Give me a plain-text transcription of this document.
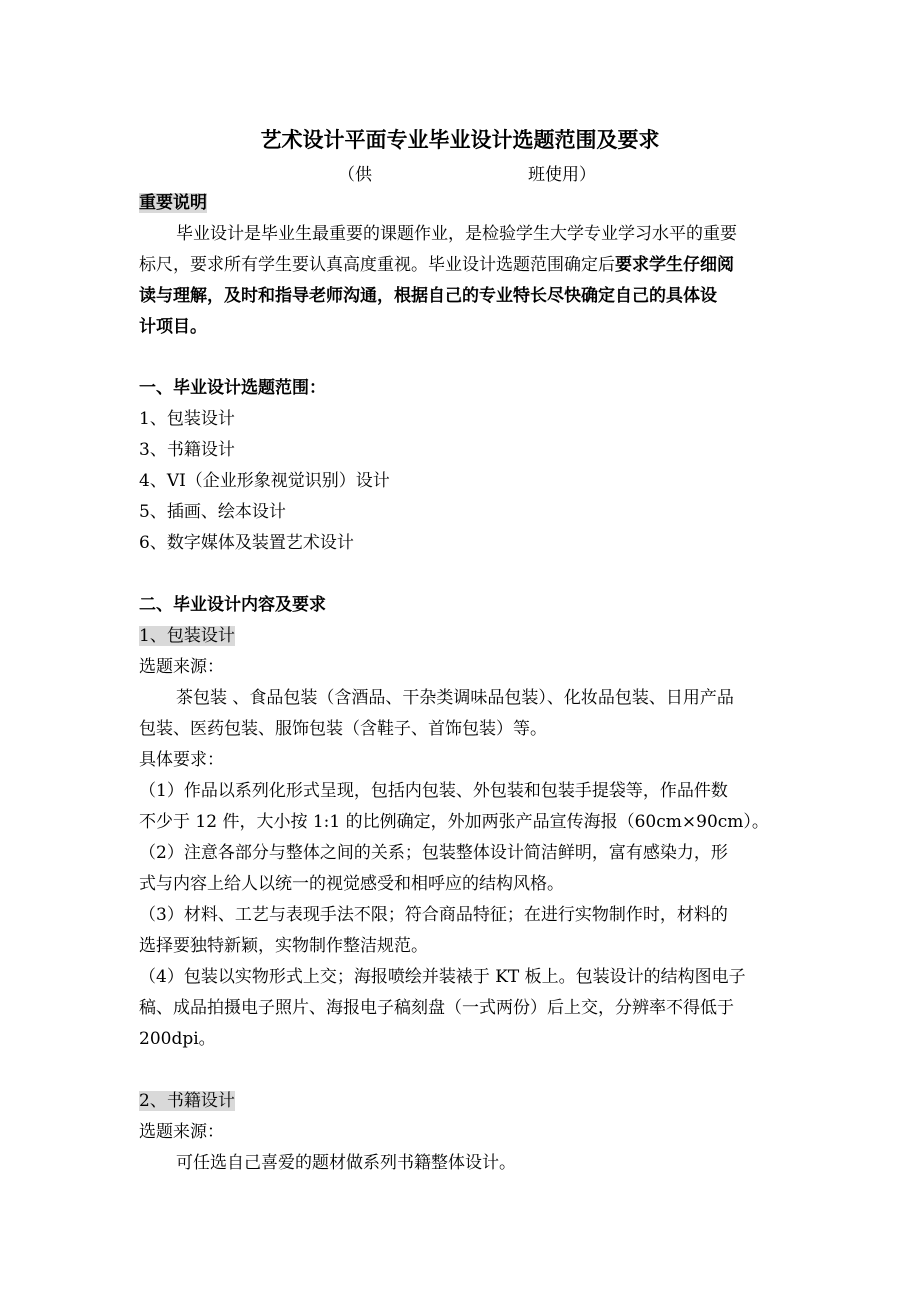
艺术设计平面专业毕业设计选题范围及要求
（供	班使用）
重要说明
毕业设计是毕业生最重要的课题作业，是检验学生大学专业学习水平的重要
标尺，要求所有学生要认真高度重视。毕业设计选题范围确定后要求学生仔细阅
读与理解，及时和指导老师沟通，根据自己的专业特长尽快确定自己的具体设
计项目。
一、毕业设计选题范围：
1、包装设计
3、书籍设计
4、VI（企业形象视觉识别）设计
5、插画、绘本设计
6、数字媒体及装置艺术设计
二、毕业设计内容及要求
1、包装设计
选题来源：
茶包装 、食品包装（含酒品、干杂类调味品包装）、化妆品包装、日用产品
包装、医药包装、服饰包装（含鞋子、首饰包装）等。
具体要求：
（1）作品以系列化形式呈现，包括内包装、外包装和包装手提袋等，作品件数
不少于 12 件，大小按 1:1 的比例确定，外加两张产品宣传海报（60cm×90cm）。
（2）注意各部分与整体之间的关系；包装整体设计简洁鲜明，富有感染力，形
式与内容上给人以统一的视觉感受和相呼应的结构风格。
（3）材料、工艺与表现手法不限；符合商品特征；在进行实物制作时，材料的
选择要独特新颖，实物制作整洁规范。
（4）包装以实物形式上交；海报喷绘并装裱于 KT 板上。包装设计的结构图电子
稿、成品拍摄电子照片、海报电子稿刻盘（一式两份）后上交，分辨率不得低于
200dpi。
2、书籍设计
选题来源：
可任选自己喜爱的题材做系列书籍整体设计。
